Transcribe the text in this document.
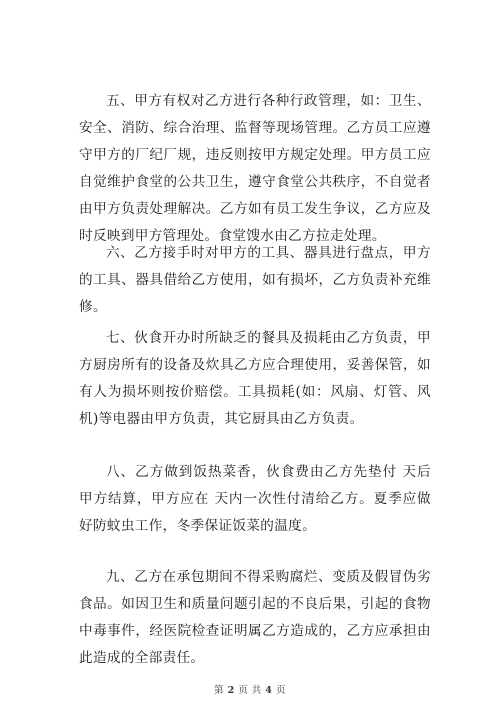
五、甲方有权对乙方进行各种行政管理，如：卫生、安全、消防、综合治理、监督等现场管理。乙方员工应遵守甲方的厂纪厂规，违反则按甲方规定处理。甲方员工应自觉维护食堂的公共卫生，遵守食堂公共秩序，不自觉者由甲方负责处理解决。乙方如有员工发生争议，乙方应及时反映到甲方管理处。食堂馊水由乙方拉走处理。

六、乙方接手时对甲方的工具、器具进行盘点，甲方的工具、器具借给乙方使用，如有损坏，乙方负责补充维修。

七、伙食开办时所缺乏的餐具及损耗由乙方负责，甲方厨房所有的设备及炊具乙方应合理使用，妥善保管，如有人为损坏则按价赔偿。工具损耗(如：风扇、灯管、风机)等电器由甲方负责，其它厨具由乙方负责。

八、乙方做到饭热菜香，伙食费由乙方先垫付 天后甲方结算，甲方应在 天内一次性付清给乙方。夏季应做好防蚊虫工作，冬季保证饭菜的温度。

九、乙方在承包期间不得采购腐烂、变质及假冒伪劣食品。如因卫生和质量问题引起的不良后果，引起的食物中毒事件，经医院检查证明属乙方造成的，乙方应承担由此造成的全部责任。

第 2 页 共 4 页
